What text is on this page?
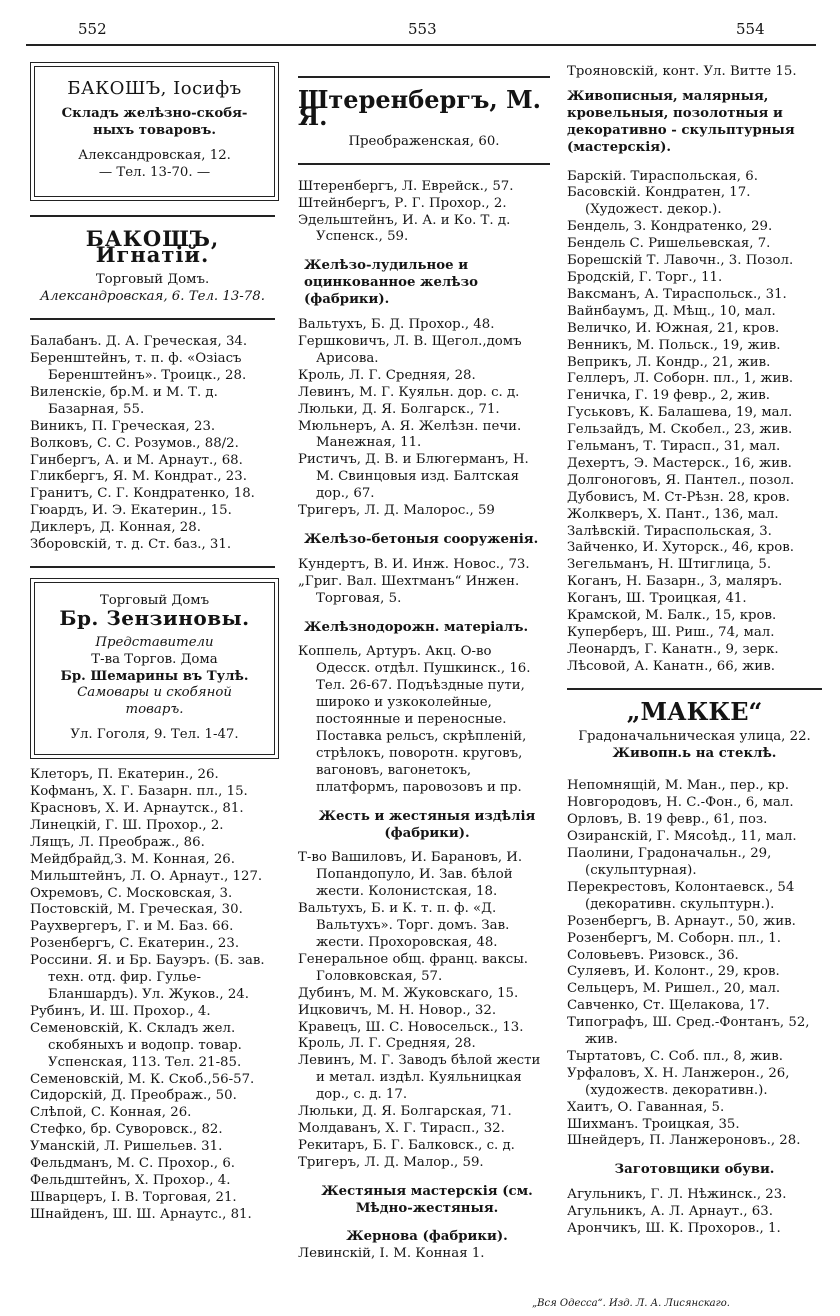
552	553	554
БАКОШЪ, Iосифъ
Складъ желѣзно-скобя-
ныхъ товаровъ.
Александровская, 12.
— Тел. 13-70. —
БАКОШЪ, Игнатiй.
Торговый Домъ.
Александровская, 6. Тел. 13-78.
Балабанъ. Д. А. Греческая, 34.
Беренштейнъ, т. п. ф. «Озiасъ Беренштейнъ». Троицк., 28.
Виленскiе, бр.М. и М. Т. д. Базарная, 55.
Виникъ, П. Греческая, 23.
Волковъ, С. С. Розумов., 88/2.
Гинбергъ, А. и М. Арнаут., 68.
Гликбергъ, Я. М. Кондрат., 23.
Гранитъ, С. Г. Кондратенко, 18.
Гюардъ, И. Э. Екатерин., 15.
Диклеръ, Д. Конная, 28.
Зборовскiй, т. д. Ст. баз., 31.
Торговый Домъ
Бр. Зензиновы.
Представители
Т-ва Торгов. Дома
Бр. Шемарины въ Тулѣ.
Самовары и скобяной
товаръ.
Ул. Гоголя, 9. Тел. 1-47.
Клеторъ, П. Екатерин., 26.
Кофманъ, Х. Г. Базарн. пл., 15.
Красновъ, Х. И. Арнаутск., 81.
Линецкiй, Г. Ш. Прохор., 2.
Лящъ, Л. Преображ., 86.
Мейдбрайд,З. М. Конная, 26.
Мильштейнъ, Л. О. Арнаут., 127.
Охремовъ, С. Московская, 3.
Постовскiй, М. Греческая, 30.
Раухвергеръ, Г. и М. Баз. 66.
Розенбергъ, С. Екатерин., 23.
Россини. Я. и Бр. Бауэръ. (Б. зав. техн. отд. фир. Гулье-Бланшардъ). Ул. Жуков., 24.
Рубинъ, И. Ш. Прохор., 4.
Семеновскiй, К. Складъ жел. скобяныхъ и водопр. товар. Успенская, 113. Тел. 21-85.
Семеновскiй, М. К. Скоб.,56-57.
Сидорскiй, Д. Преображ., 50.
Слѣпой, С. Конная, 26.
Стефко, бр. Суворовск., 82.
Уманскiй, Л. Ришельев. 31.
Фельдманъ, М. С. Прохор., 6.
Фельдштейнъ, Х. Прохор., 4.
Шварцеръ, I. В. Торговая, 21.
Шнайденъ, Ш. Ш. Арнаутс., 81.
Штеренбергъ, М. Я.
Преображенская, 60.
Штеренбергъ, Л. Еврейск., 57.
Штейнбергъ, Р. Г. Прохор., 2.
Эдельштейнъ, И. А. и Ко. Т. д. Успенск., 59.
Желѣзо-лудильное и оцинкованное желѣзо (фабрики).
Вальтухъ, Б. Д. Прохор., 48.
Гершковичъ, Л. В. Щегол.,домъ Арисова.
Кроль, Л. Г. Средняя, 28.
Левинъ, М. Г. Куяльн. дор. с. д.
Люльки, Д. Я. Болгарск., 71.
Мюльнеръ, А. Я. Желѣзн. печи. Манежная, 11.
Ристичъ, Д. В. и Блюгерманъ, Н. М. Свинцовыя изд. Балтская дор., 67.
Тригеръ, Л. Д. Малорос., 59
Желѣзо-бетоныя сооруженiя.
Кундертъ, В. И. Инж. Новос., 73.
„Григ. Вал. Шехтманъ“ Инжен. Торговая, 5.
Желѣзнодорожн. матерiалъ.
Коппель, Артуръ. Акц. О-во Одесск. отдѣл. Пушкинск., 16. Тел. 26-67. Подъѣздные пути, широко и узкоколейные, постоянные и переносные. Поставка рельсъ, скрѣпленiй, стрѣлокъ, поворотн. круговъ, вагоновъ, вагонетокъ, платформъ, паровозовъ и пр.
Жесть и жестяныя издѣлiя (фабрики).
Т-во Вашиловъ, И. Барановъ, И. Попандопуло, И. Зав. бѣлой жести. Колонистская, 18.
Вальтухъ, Б. и К. т. п. ф. «Д. Вальтухъ». Торг. домъ. Зав. жести. Прохоровская, 48.
Генеральное общ. франц. ваксы. Головковская, 57.
Дубинъ, М. М. Жуковскаго, 15.
Ицковичъ, М. Н. Новор., 32.
Кравецъ, Ш. С. Новосельск., 13.
Кроль, Л. Г. Средняя, 28.
Левинъ, М. Г. Заводъ бѣлой жести и метал. издѣл. Куяльницкая дор., с. д. 17.
Люльки, Д. Я. Болгарская, 71.
Молдаванъ, Х. Г. Тирасп., 32.
Рекитаръ, Б. Г. Балковск., с. д.
Тригеръ, Л. Д. Малор., 59.
Жестяныя мастерскiя (см. Мѣдно-жестяныя.
Жернова (фабрики).
Левинскiй, I. М. Конная 1.
Трояновскiй, конт. Ул. Витте 15.
Живописныя, малярныя, кровельныя, позолотныя и декоративно - скульптурныя (мастерскiя).
Барскiй. Тираспольская, 6.
Басовскiй. Кондратен, 17. (Художест. декор.).
Бендель, З. Кондратенко, 29.
Бендель С. Ришельевская, 7.
Борешскiй Т. Лавочн., 3. Позол.
Бродскiй, Г. Торг., 11.
Ваксманъ, А. Тираспольск., 31.
Вайнбаумъ, Д. Мѣщ., 10, мал.
Величко, И. Южная, 21, кров.
Венникъ, М. Польск., 19, жив.
Веприкъ, Л. Кондр., 21, жив.
Геллеръ, Л. Соборн. пл., 1, жив.
Геничка, Г. 19 февр., 2, жив.
Гуськовъ, К. Балашева, 19, мал.
Гельзайдъ, М. Скобел., 23, жив.
Гельманъ, Т. Тирасп., 31, мал.
Дехертъ, Э. Мастерск., 16, жив.
Долгоноговъ, Я. Пантел., позол.
Дубовисъ, М. Ст-Рѣзн. 28, кров.
Жолкверъ, Х. Пант., 136, мал.
Залѣвскiй. Тираспольская, 3.
Зайченко, И. Хуторск., 46, кров.
Зегельманъ, Н. Штиглица, 5.
Коганъ, Н. Базарн., 3, маляръ.
Коганъ, Ш. Троицкая, 41.
Крамской, М. Балк., 15, кров.
Куперберъ, Ш. Риш., 74, мал.
Леонардъ, Г. Канатн., 9, зерк.
Лѣсовой, А. Канатн., 66, жив.
„МАККЕ“
Градоначальническая улица, 22.
Живопн.ь на стеклѣ.
Непомнящiй, М. Ман., пер., кр.
Новгородовъ, Н. С.-Фон., 6, мал.
Орловъ, В. 19 февр., 61, поз.
Озиранскiй, Г. Мясоѣд., 11, мал.
Паолини, Градоначальн., 29, (скульптурная).
Перекрестовъ, Колонтаевск., 54 (декоративн. скульптурн.).
Розенбергъ, В. Арнаут., 50, жив.
Розенбергъ, М. Соборн. пл., 1.
Соловьевъ. Ризовск., 36.
Суляевъ, И. Колонт., 29, кров.
Сельцеръ, М. Ришел., 20, мал.
Савченко, Ст. Щелакова, 17.
Типографъ, Ш. Сред.-Фонтанъ, 52, жив.
Тыртатовъ, С. Соб. пл., 8, жив.
Урфаловъ, Х. Н. Ланжерон., 26, (художеств. декоративн.).
Хаитъ, О. Гаванная, 5.
Шихманъ. Троицкая, 35.
Шнейдеръ, П. Ланжероновъ., 28.
Заготовщики обуви.
Агульникъ, Г. Л. Нѣжинск., 23.
Агульникъ, А. Л. Арнаут., 63.
Арончикъ, Ш. К. Прохоров., 1.
„Вся Одесса“. Изд. Л. А. Лисянскаго.
